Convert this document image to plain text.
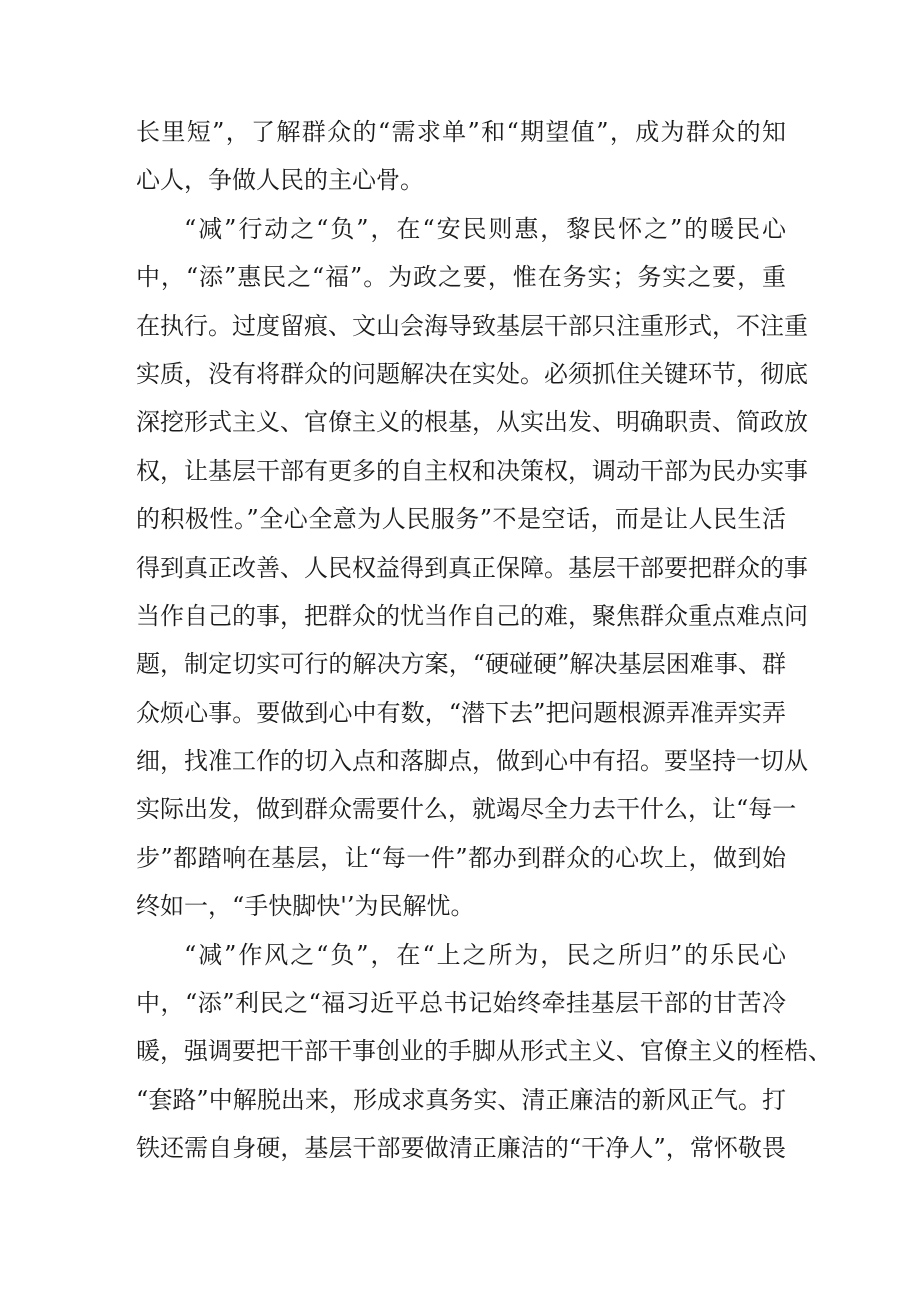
长里短”，了解群众的“需求单”和“期望值”，成为群众的知
心人，争做人民的主心骨。
“减”行动之“负”，在“安民则惠，黎民怀之”的暖民心
中，“添”惠民之“福”。为政之要，惟在务实；务实之要，重
在执行。过度留痕、文山会海导致基层干部只注重形式，不注重
实质，没有将群众的问题解决在实处。必须抓住关键环节，彻底
深挖形式主义、官僚主义的根基，从实出发、明确职责、简政放
权，让基层干部有更多的自主权和决策权，调动干部为民办实事
的积极性。”全心全意为人民服务”不是空话，而是让人民生活
得到真正改善、人民权益得到真正保障。基层干部要把群众的事
当作自己的事，把群众的忧当作自己的难，聚焦群众重点难点问
题，制定切实可行的解决方案，“硬碰硬”解决基层困难事、群
众烦心事。要做到心中有数，“潜下去”把问题根源弄准弄实弄
细，找准工作的切入点和落脚点，做到心中有招。要坚持一切从
实际出发，做到群众需要什么，就竭尽全力去干什么，让“每一
步”都踏响在基层，让“每一件”都办到群众的心坎上，做到始
终如一，“手快脚快'’为民解忧。
“减”作风之“负”，在“上之所为，民之所归”的乐民心
中，“添”利民之“福习近平总书记始终牵挂基层干部的甘苦冷
暖，强调要把干部干事创业的手脚从形式主义、官僚主义的桎梏、
“套路”中解脱出来，形成求真务实、清正廉洁的新风正气。打
铁还需自身硬，基层干部要做清正廉洁的“干净人”，常怀敬畏
